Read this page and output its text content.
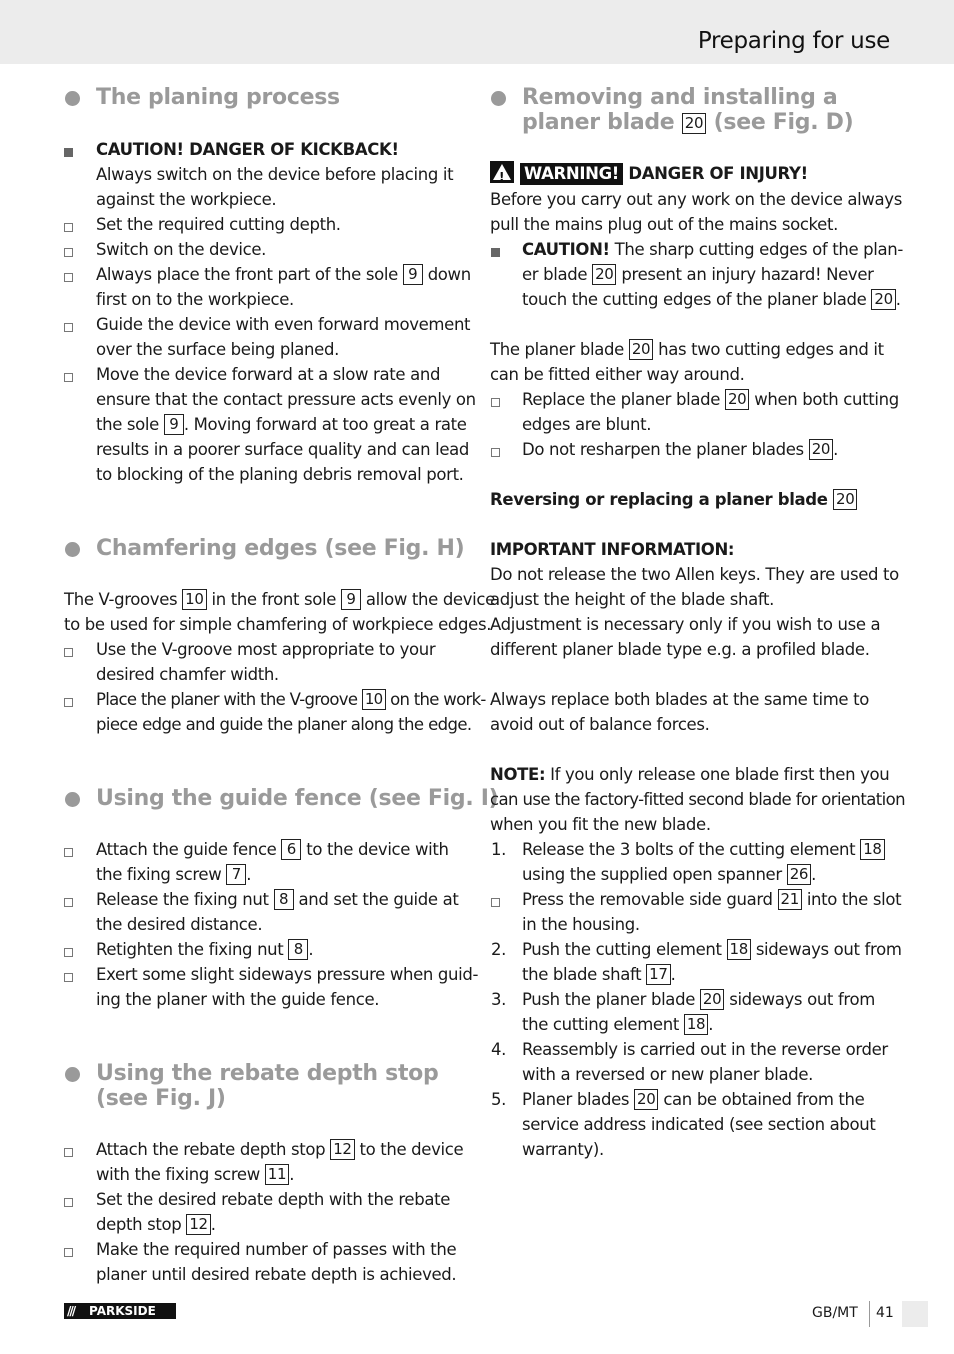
Preparing for use
The planing process
CAUTION! DANGER OF KICKBACK!
Always switch on the device before placing it
against the workpiece.
Set the required cutting depth.
Switch on the device.
Always place the front part of the sole 9 down
first on to the workpiece.
Guide the device with even forward movement
over the surface being planed.
Move the device forward at a slow rate and
ensure that the contact pressure acts evenly on
the sole 9 . Moving forward at too great a rate
results in a poorer surface quality and can lead
to blocking of the planing debris removal port.
Chamfering edges (see Fig. H)
The V-grooves 10 in the front sole 9 allow the device
to be used for simple chamfering of workpiece edges.
Use the V-groove most appropriate to your
desired chamfer width.
Place the planer with the V-groove 10 on the work-
piece edge and guide the planer along the edge.
Using the guide fence (see Fig. I)
Attach the guide fence 6 to the device with
the fixing screw 7 .
Release the fixing nut 8 and set the guide at
the desired distance.
Retighten the fixing nut 8 .
Exert some slight sideways pressure when guid-
ing the planer with the guide fence.
Using the rebate depth stop
(see Fig. J)
Attach the rebate depth stop 12 to the device
with the fixing screw 11 .
Set the desired rebate depth with the rebate
depth stop 12 .
Make the required number of passes with the
planer until desired rebate depth is achieved.
Removing and installing a
planer blade 20 (see Fig. D)
!WARNING! DANGER OF INJURY!
Before you carry out any work on the device always
pull the mains plug out of the mains socket.
CAUTION! The sharp cutting edges of the plan-
er blade 20 present an injury hazard! Never
touch the cutting edges of the planer blade 20 .
The planer blade 20 has two cutting edges and it
can be fitted either way around.
Replace the planer blade 20 when both cutting
edges are blunt.
Do not resharpen the planer blades 20 .
Reversing or replacing a planer blade 20
IMPORTANT INFORMATION:
Do not release the two Allen keys. They are used to
adjust the height of the blade shaft.
Adjustment is necessary only if you wish to use a
different planer blade type e.g. a profiled blade.
Always replace both blades at the same time to
avoid out of balance forces.
NOTE: If you only release one blade first then you
can use the factory-fitted second blade for orientation
when you fit the new blade.
1. Release the 3 bolts of the cutting element 18
using the supplied open spanner 26 .
Press the removable side guard 21 into the slot
in the housing.
2. Push the cutting element 18 sideways out from
the blade shaft 17 .
3. Push the planer blade 20 sideways out from
the cutting element 18 .
4. Reassembly is carried out in the reverse order
with a reversed or new planer blade.
5. Planer blades 20 can be obtained from the
service address indicated (see section about
warranty).
/// PARKSIDE	GB/MT 41
